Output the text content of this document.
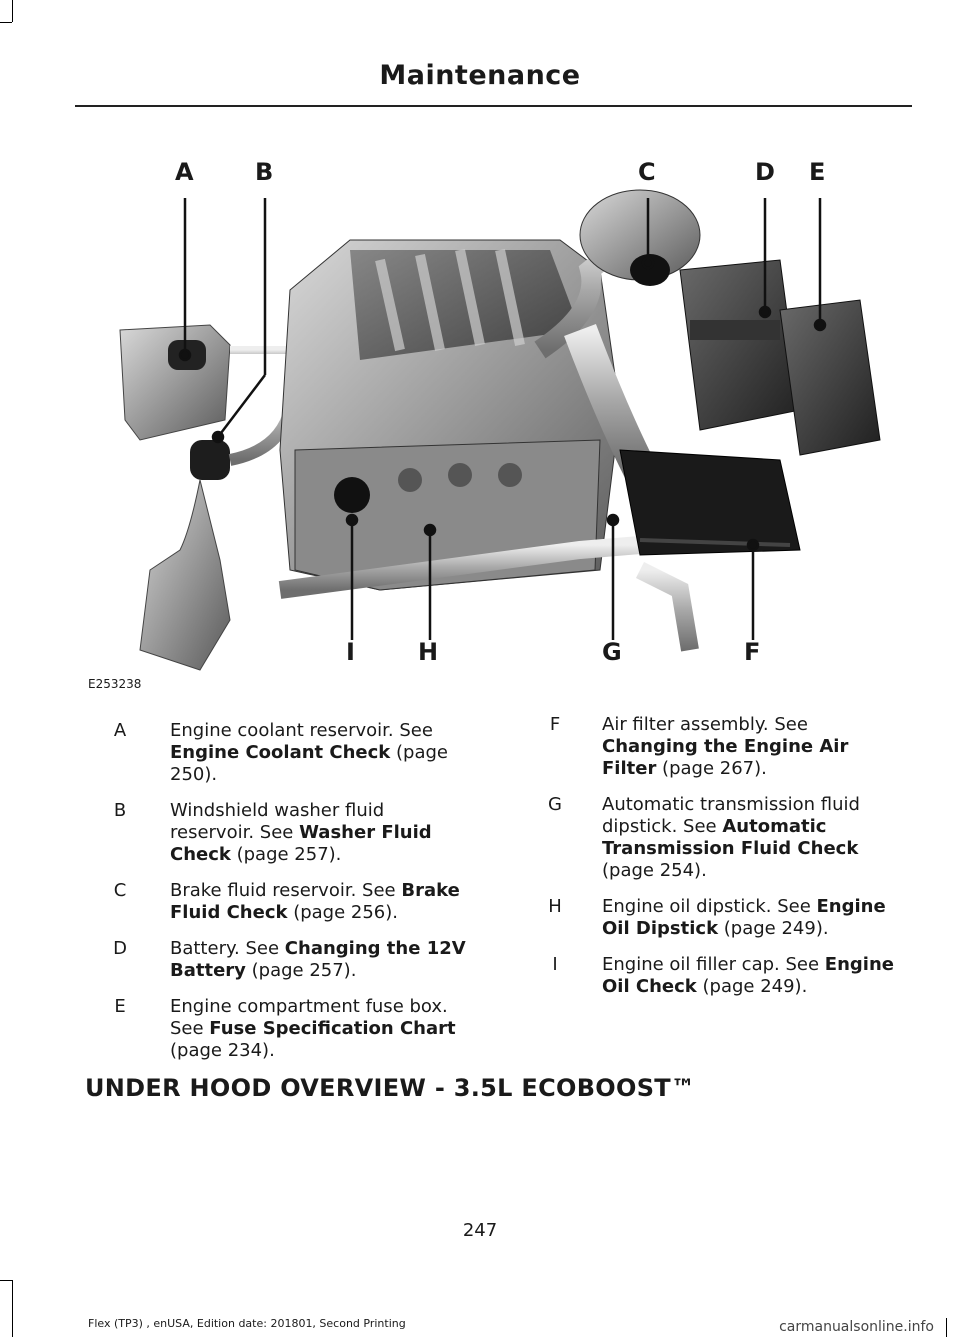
Maintenance
A	B	C	D E
I	H	G	F
E253238
A Engine coolant reservoir. See Engine Coolant Check (page 250).
B Windshield washer fluid reservoir. See Washer Fluid Check (page 257).
C Brake fluid reservoir. See Brake Fluid Check (page 256).
D Battery. See Changing the 12V Battery (page 257).
E Engine compartment fuse box. See Fuse Specification Chart (page 234).
F Air filter assembly. See Changing the Engine Air Filter (page 267).
G Automatic transmission fluid dipstick. See Automatic Transmission Fluid Check (page 254).
H Engine oil dipstick. See Engine Oil Dipstick (page 249).
I	Engine oil filler cap. See Engine Oil Check (page 249).
UNDER HOOD OVERVIEW - 3.5L ECOBOOST™
247
Flex (TP3) , enUSA, Edition date: 201801, Second Printing	carmanualsonline.info
